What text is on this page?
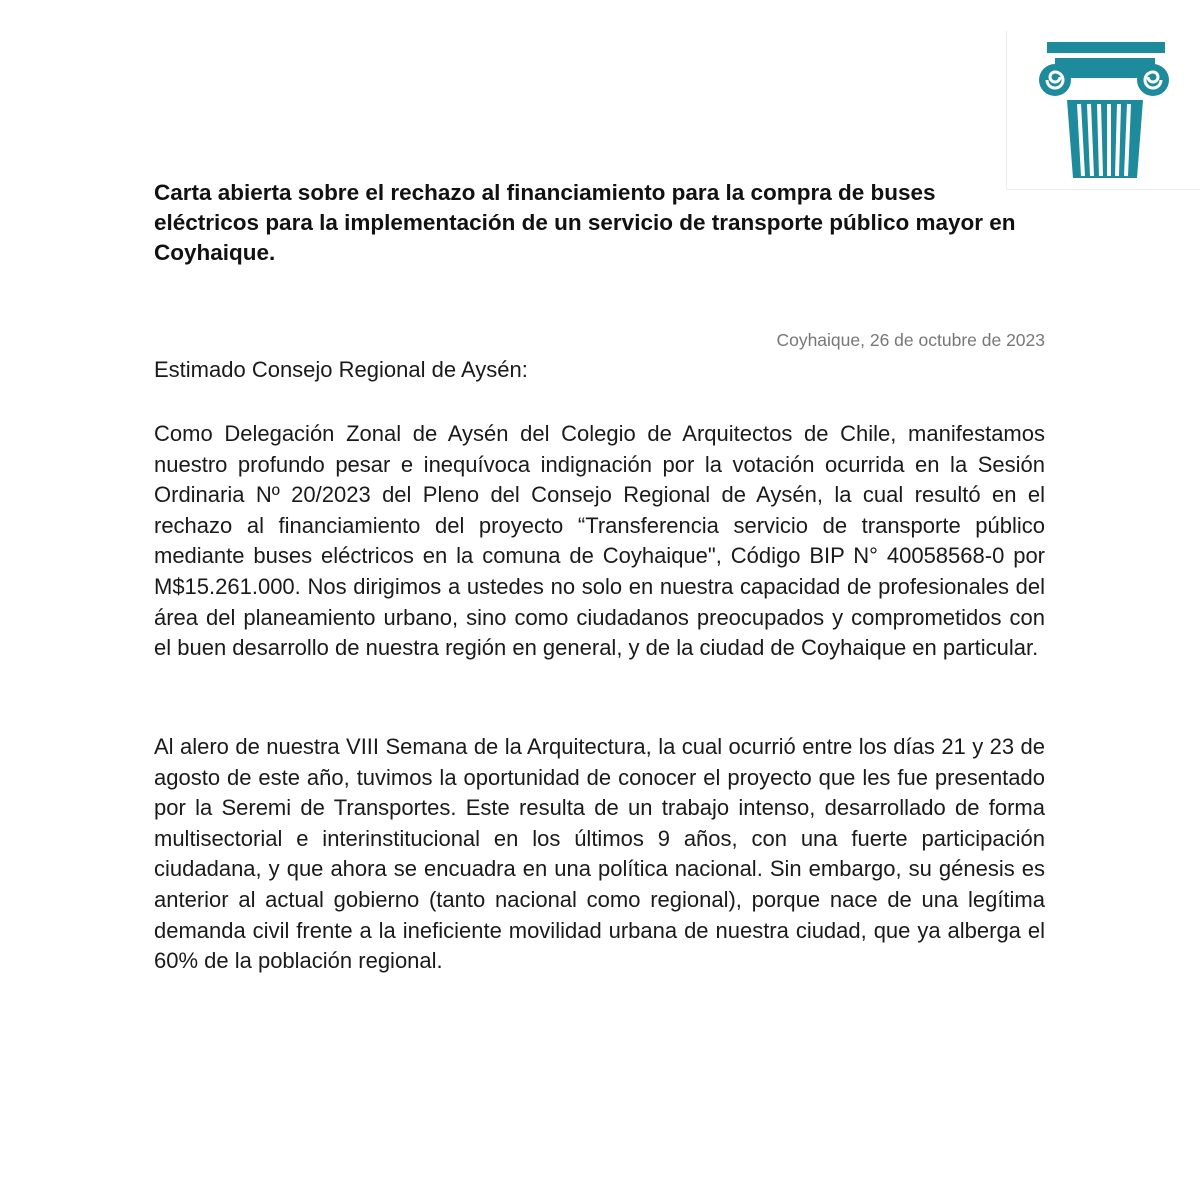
Carta abierta sobre el rechazo al financiamiento para la compra de buses eléctricos para la implementación de un servicio de transporte público mayor en Coyhaique.
Coyhaique, 26 de octubre de 2023

Estimado Consejo Regional de Aysén:

Como Delegación Zonal de Aysén del Colegio de Arquitectos de Chile, manifestamos nuestro profundo pesar e inequívoca indignación por la votación ocurrida en la Sesión Ordinaria Nº 20/2023 del Pleno del Consejo Regional de Aysén, la cual resultó en el rechazo al financiamiento del proyecto “Transferencia servicio de transporte público mediante buses eléctricos en la comuna de Coyhaique", Código BIP N° 40058568-0 por M$15.261.000. Nos dirigimos a ustedes no solo en nuestra capacidad de profesionales del área del planeamiento urbano, sino como ciudadanos preocupados y comprometidos con el buen desarrollo de nuestra región en general, y de la ciudad de Coyhaique en particular.

Al alero de nuestra VIII Semana de la Arquitectura, la cual ocurrió entre los días 21 y 23 de agosto de este año, tuvimos la oportunidad de conocer el proyecto que les fue presentado por la Seremi de Transportes. Este resulta de un trabajo intenso, desarrollado de forma multisectorial e interinstitucional en los últimos 9 años, con una fuerte participación ciudadana, y que ahora se encuadra en una política nacional. Sin embargo, su génesis es anterior al actual gobierno (tanto nacional como regional), porque nace de una legítima demanda civil frente a la ineficiente movilidad urbana de nuestra ciudad, que ya alberga el 60% de la población regional.
